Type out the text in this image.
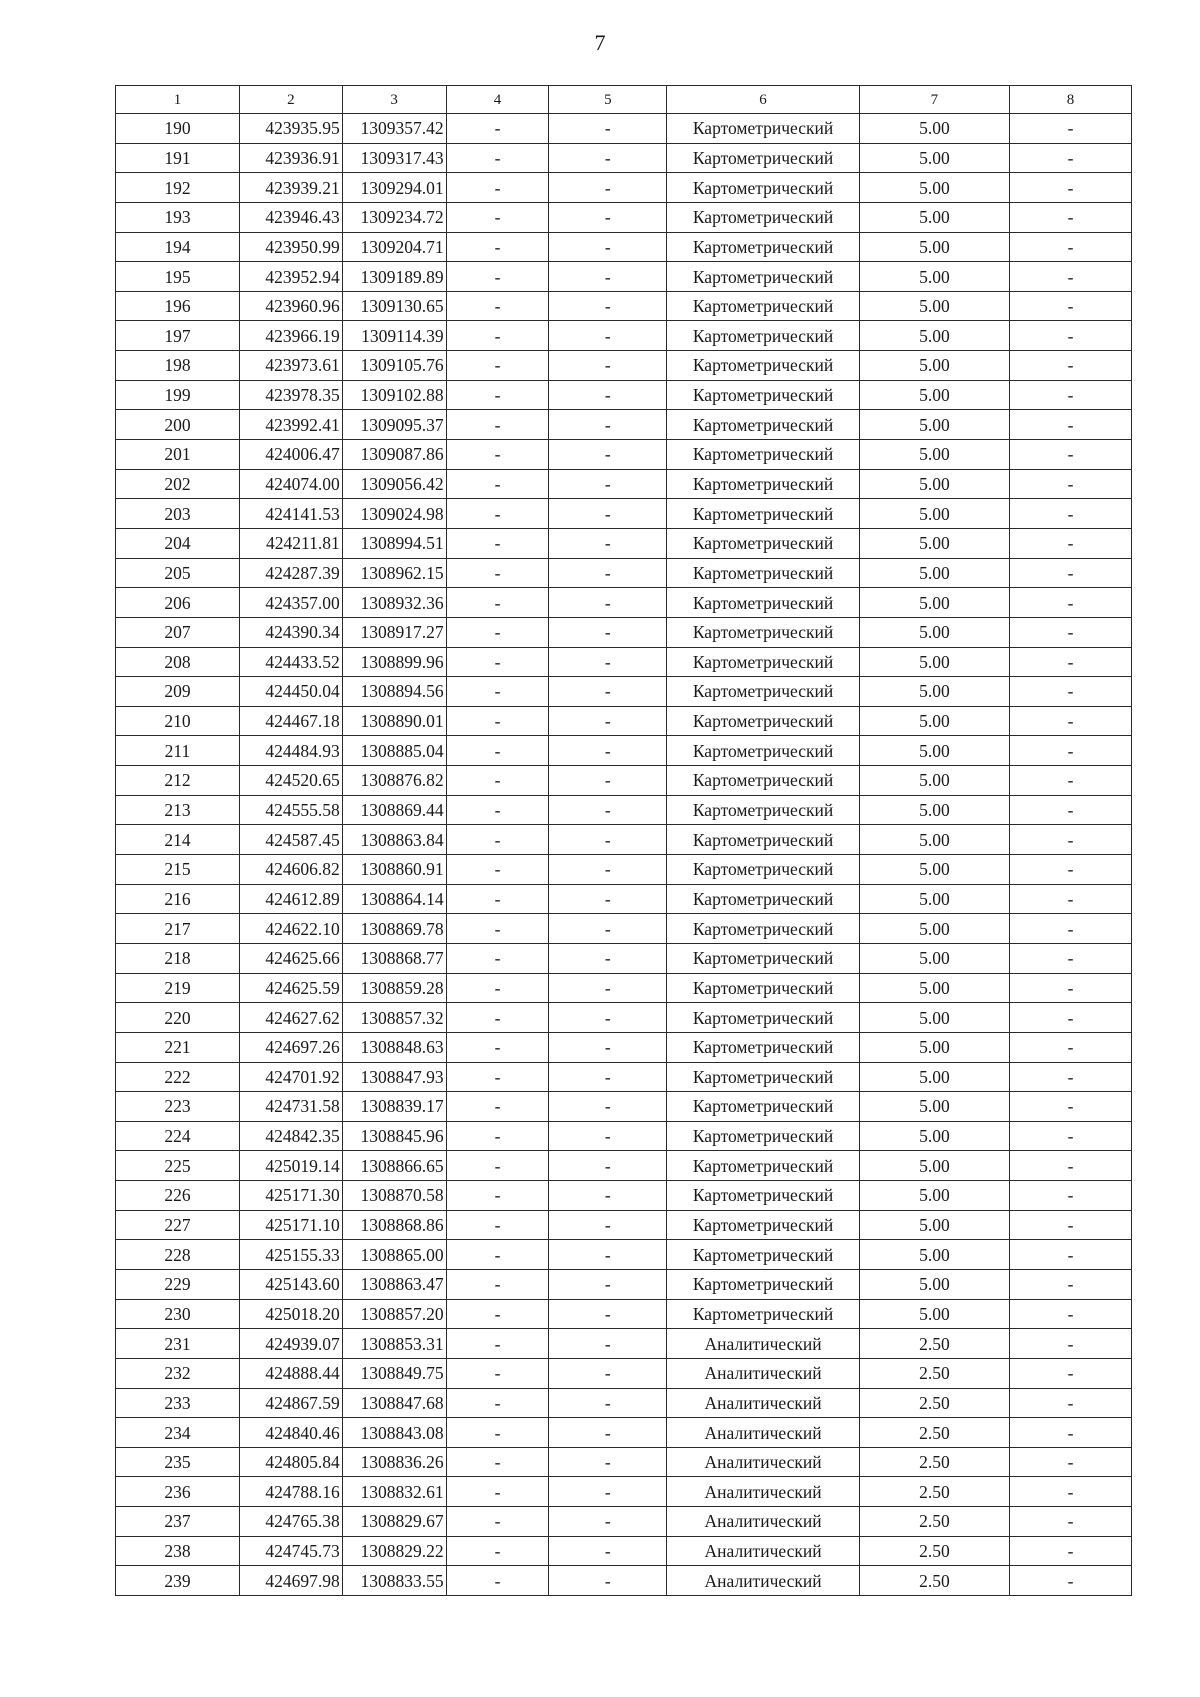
7
1	2	3	4	5	6	7	8
190	423935.95	1309357.42	-	-	Картометрический	5.00	-
191	423936.91	1309317.43	-	-	Картометрический	5.00	-
192	423939.21	1309294.01	-	-	Картометрический	5.00	-
193	423946.43	1309234.72	-	-	Картометрический	5.00	-
194	423950.99	1309204.71	-	-	Картометрический	5.00	-
195	423952.94	1309189.89	-	-	Картометрический	5.00	-
196	423960.96	1309130.65	-	-	Картометрический	5.00	-
197	423966.19	1309114.39	-	-	Картометрический	5.00	-
198	423973.61	1309105.76	-	-	Картометрический	5.00	-
199	423978.35	1309102.88	-	-	Картометрический	5.00	-
200	423992.41	1309095.37	-	-	Картометрический	5.00	-
201	424006.47	1309087.86	-	-	Картометрический	5.00	-
202	424074.00	1309056.42	-	-	Картометрический	5.00	-
203	424141.53	1309024.98	-	-	Картометрический	5.00	-
204	424211.81	1308994.51	-	-	Картометрический	5.00	-
205	424287.39	1308962.15	-	-	Картометрический	5.00	-
206	424357.00	1308932.36	-	-	Картометрический	5.00	-
207	424390.34	1308917.27	-	-	Картометрический	5.00	-
208	424433.52	1308899.96	-	-	Картометрический	5.00	-
209	424450.04	1308894.56	-	-	Картометрический	5.00	-
210	424467.18	1308890.01	-	-	Картометрический	5.00	-
211	424484.93	1308885.04	-	-	Картометрический	5.00	-
212	424520.65	1308876.82	-	-	Картометрический	5.00	-
213	424555.58	1308869.44	-	-	Картометрический	5.00	-
214	424587.45	1308863.84	-	-	Картометрический	5.00	-
215	424606.82	1308860.91	-	-	Картометрический	5.00	-
216	424612.89	1308864.14	-	-	Картометрический	5.00	-
217	424622.10	1308869.78	-	-	Картометрический	5.00	-
218	424625.66	1308868.77	-	-	Картометрический	5.00	-
219	424625.59	1308859.28	-	-	Картометрический	5.00	-
220	424627.62	1308857.32	-	-	Картометрический	5.00	-
221	424697.26	1308848.63	-	-	Картометрический	5.00	-
222	424701.92	1308847.93	-	-	Картометрический	5.00	-
223	424731.58	1308839.17	-	-	Картометрический	5.00	-
224	424842.35	1308845.96	-	-	Картометрический	5.00	-
225	425019.14	1308866.65	-	-	Картометрический	5.00	-
226	425171.30	1308870.58	-	-	Картометрический	5.00	-
227	425171.10	1308868.86	-	-	Картометрический	5.00	-
228	425155.33	1308865.00	-	-	Картометрический	5.00	-
229	425143.60	1308863.47	-	-	Картометрический	5.00	-
230	425018.20	1308857.20	-	-	Картометрический	5.00	-
231	424939.07	1308853.31	-	-	Аналитический	2.50	-
232	424888.44	1308849.75	-	-	Аналитический	2.50	-
233	424867.59	1308847.68	-	-	Аналитический	2.50	-
234	424840.46	1308843.08	-	-	Аналитический	2.50	-
235	424805.84	1308836.26	-	-	Аналитический	2.50	-
236	424788.16	1308832.61	-	-	Аналитический	2.50	-
237	424765.38	1308829.67	-	-	Аналитический	2.50	-
238	424745.73	1308829.22	-	-	Аналитический	2.50	-
239	424697.98	1308833.55	-	-	Аналитический	2.50	-
